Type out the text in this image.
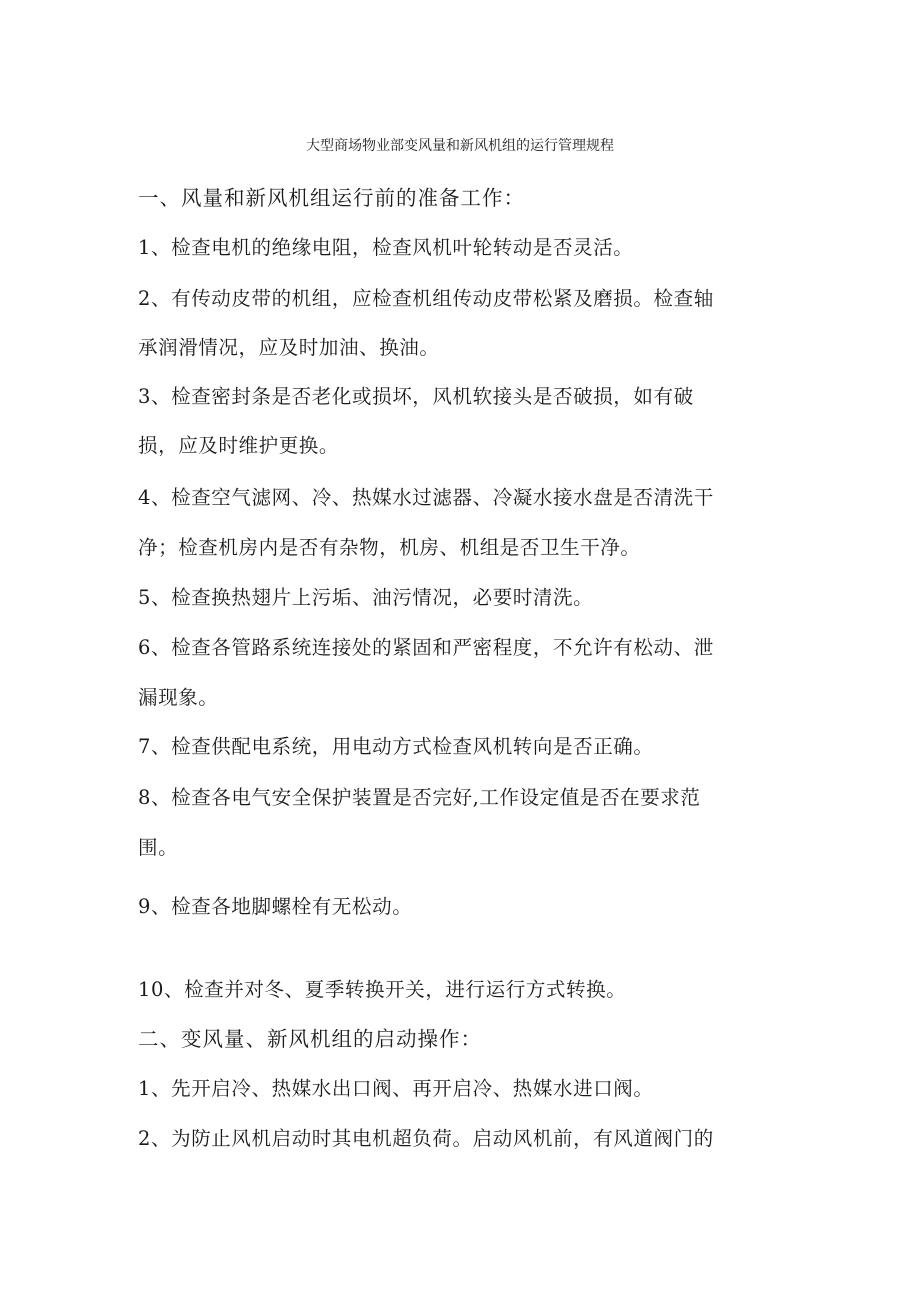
大型商场物业部变风量和新风机组的运行管理规程
一、风量和新风机组运行前的准备工作：
1、检查电机的绝缘电阻，检查风机叶轮转动是否灵活。
2、有传动皮带的机组，应检查机组传动皮带松紧及磨损。检查轴
承润滑情况，应及时加油、换油。
3、检查密封条是否老化或损坏，风机软接头是否破损，如有破
损，应及时维护更换。
4、检查空气滤网、冷、热媒水过滤器、冷凝水接水盘是否清洗干
净；检查机房内是否有杂物，机房、机组是否卫生干净。
5、检查换热翅片上污垢、油污情况，必要时清洗。
6、检查各管路系统连接处的紧固和严密程度，不允许有松动、泄
漏现象。
7、检查供配电系统，用电动方式检查风机转向是否正确。
8、检查各电气安全保护装置是否完好,工作设定值是否在要求范
围。
9、检查各地脚螺栓有无松动。
10、检查并对冬、夏季转换开关，进行运行方式转换。
二、变风量、新风机组的启动操作：
1、先开启冷、热媒水出口阀、再开启冷、热媒水进口阀。
2、为防止风机启动时其电机超负荷。启动风机前，有风道阀门的
